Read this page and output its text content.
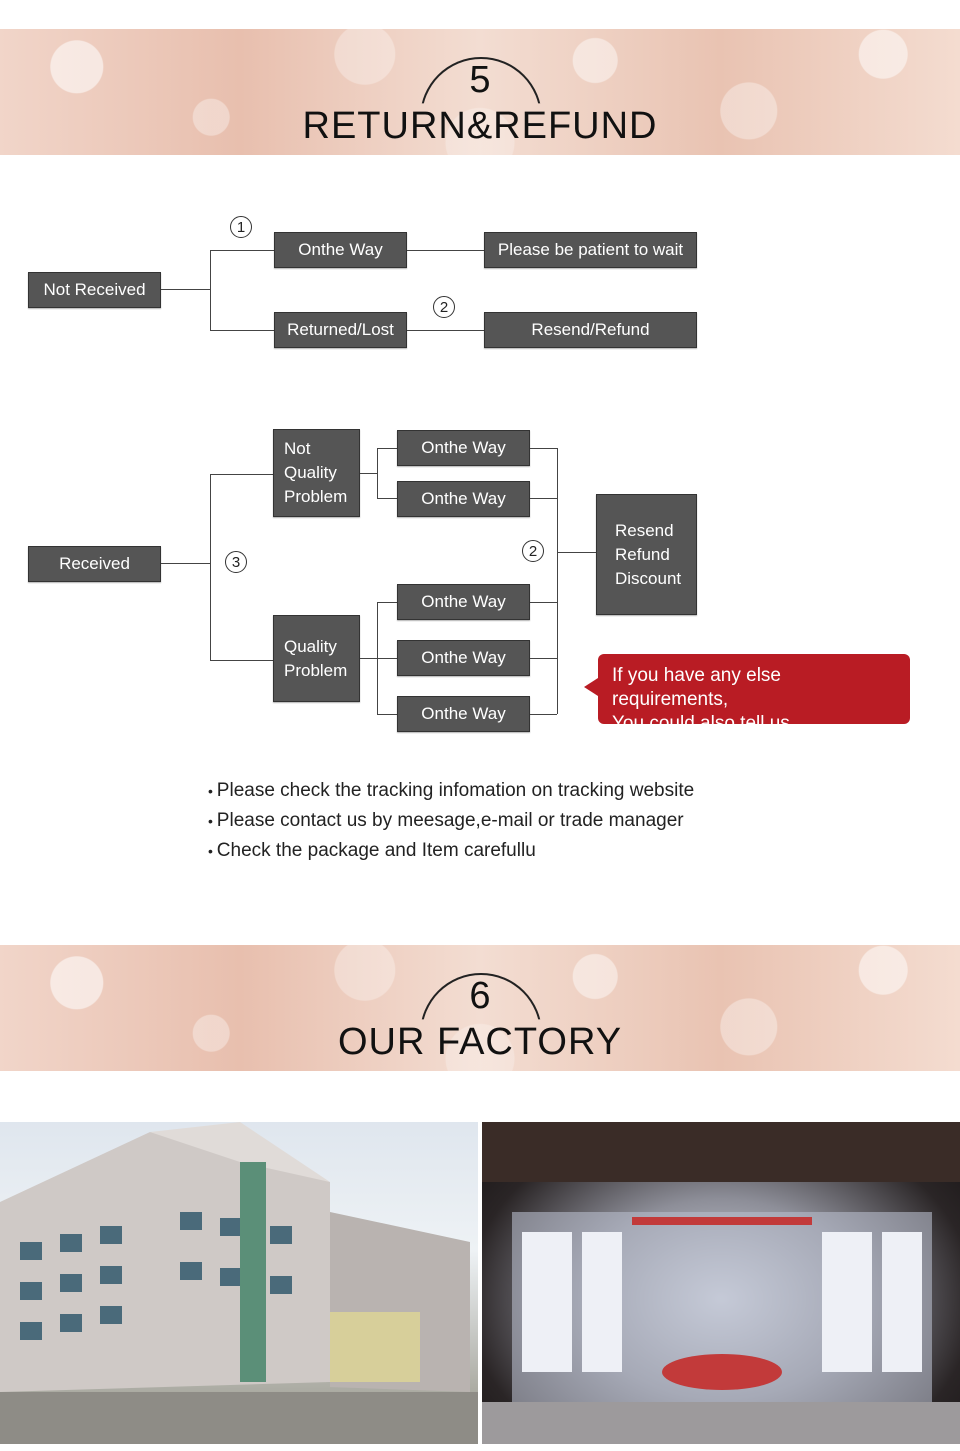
5
RETURN&REFUND
Not Received
1
Onthe Way	Please be patient to wait
Returned/Lost
2
Resend/Refund
Received	3
Not
Quality
Problem
Onthe Way
Onthe Way
Quality
Problem
Onthe Way
Onthe Way
Onthe Way
2
Resend
Refund
Discount
If you have any else requirements,
You could also tell us.
• Please check the tracking infomation on tracking website
• Please contact us by meesage,e-mail or trade manager
• Check the package and Item carefullu
6
OUR FACTORY
